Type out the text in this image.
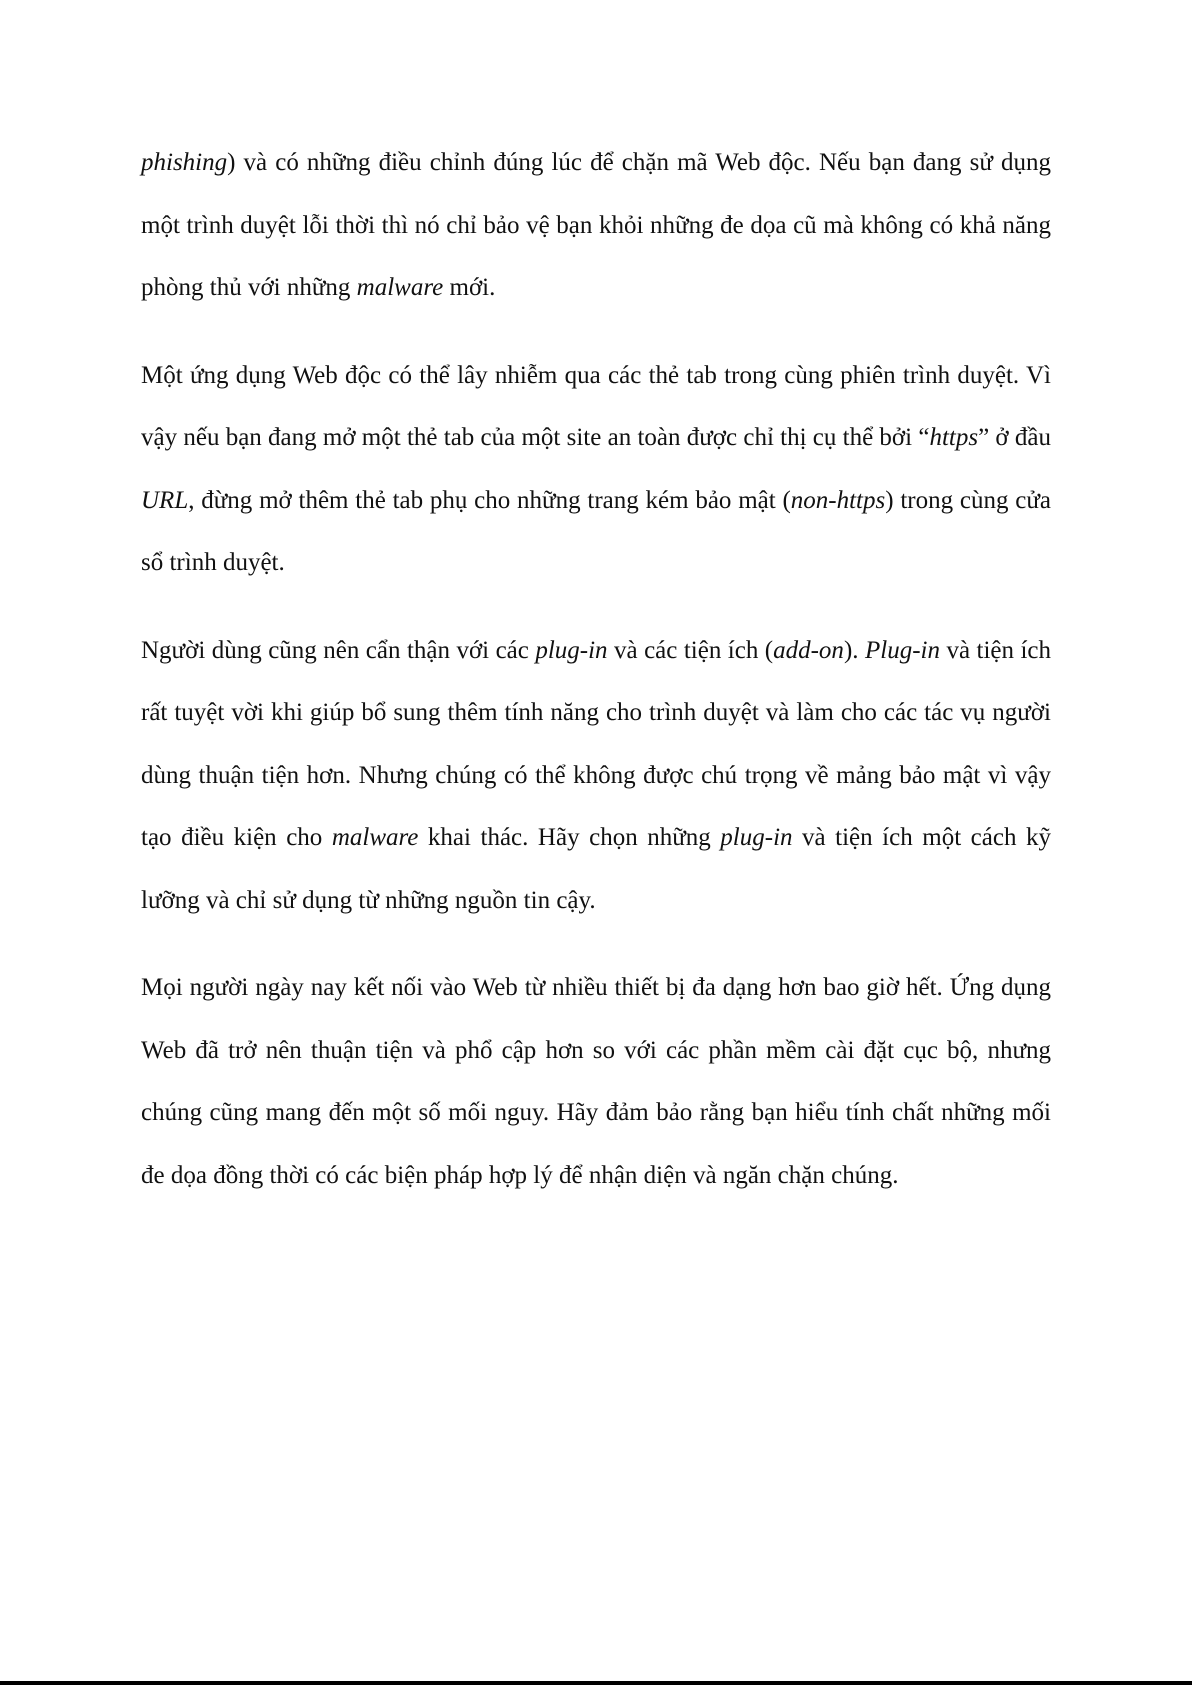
phishing) và có những điều chỉnh đúng lúc để chặn mã Web độc. Nếu bạn đang sử dụng một trình duyệt lỗi thời thì nó chỉ bảo vệ bạn khỏi những đe dọa cũ mà không có khả năng phòng thủ với những malware mới.

Một ứng dụng Web độc có thể lây nhiễm qua các thẻ tab trong cùng phiên trình duyệt. Vì vậy nếu bạn đang mở một thẻ tab của một site an toàn được chỉ thị cụ thể bởi “https” ở đầu URL, đừng mở thêm thẻ tab phụ cho những trang kém bảo mật (non-https) trong cùng cửa sổ trình duyệt.

Người dùng cũng nên cẩn thận với các plug-in và các tiện ích (add-on). Plug-in và tiện ích rất tuyệt vời khi giúp bổ sung thêm tính năng cho trình duyệt và làm cho các tác vụ người dùng thuận tiện hơn. Nhưng chúng có thể không được chú trọng về mảng bảo mật vì vậy tạo điều kiện cho malware khai thác. Hãy chọn những plug-in và tiện ích một cách kỹ lưỡng và chỉ sử dụng từ những nguồn tin cậy.

Mọi người ngày nay kết nối vào Web từ nhiều thiết bị đa dạng hơn bao giờ hết. Ứng dụng Web đã trở nên thuận tiện và phổ cập hơn so với các phần mềm cài đặt cục bộ, nhưng chúng cũng mang đến một số mối nguy. Hãy đảm bảo rằng bạn hiểu tính chất những mối đe dọa đồng thời có các biện pháp hợp lý để nhận diện và ngăn chặn chúng.
